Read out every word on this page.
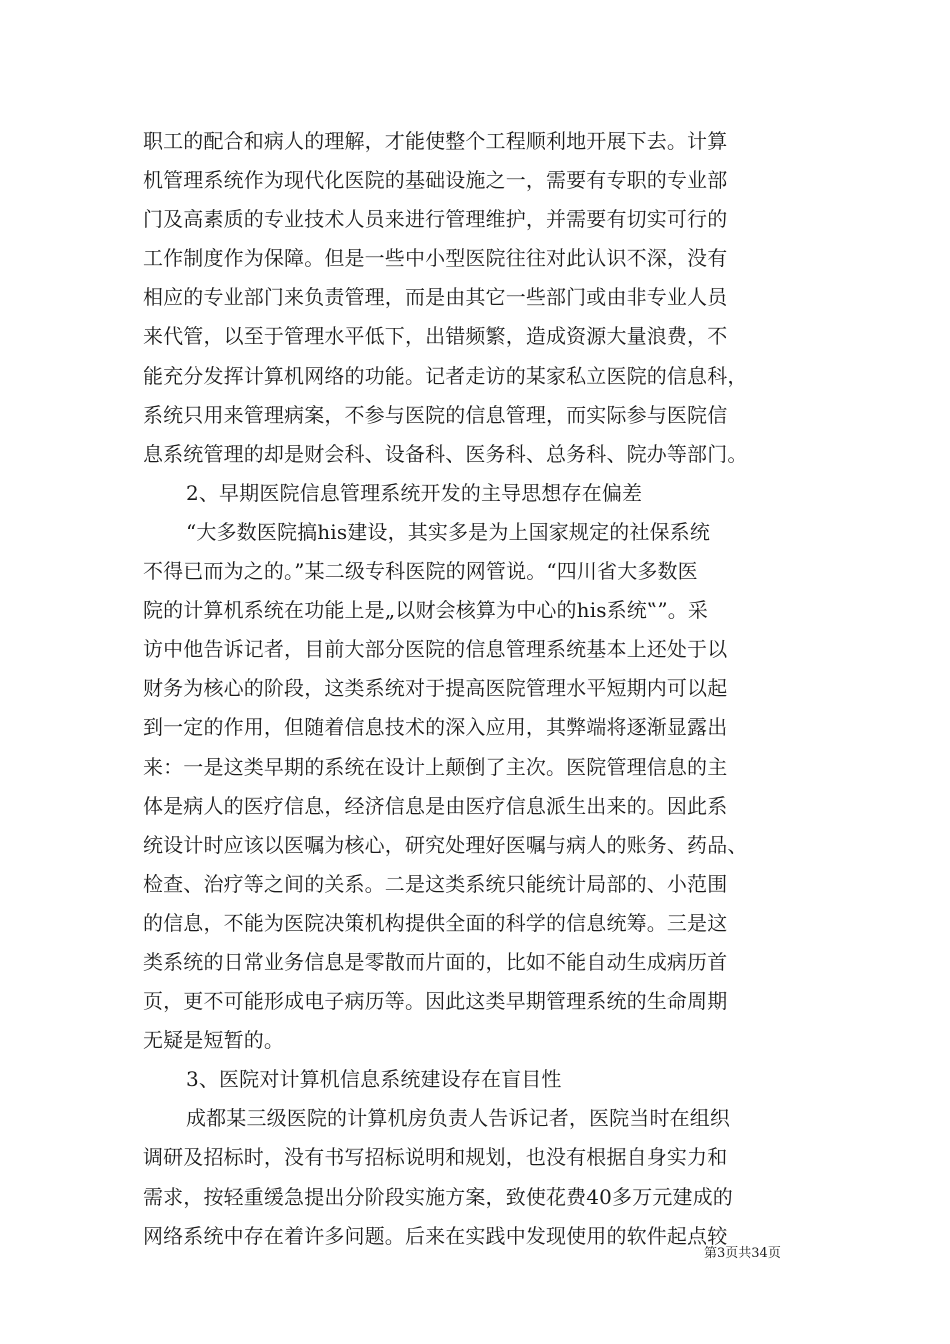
职工的配合和病人的理解，才能使整个工程顺利地开展下去。计算
机管理系统作为现代化医院的基础设施之一，需要有专职的专业部
门及高素质的专业技术人员来进行管理维护，并需要有切实可行的
工作制度作为保障。但是一些中小型医院往往对此认识不深，没有
相应的专业部门来负责管理，而是由其它一些部门或由非专业人员
来代管，以至于管理水平低下，出错频繁，造成资源大量浪费，不
能充分发挥计算机网络的功能。记者走访的某家私立医院的信息科，
系统只用来管理病案，不参与医院的信息管理，而实际参与医院信
息系统管理的却是财会科、设备科、医务科、总务科、院办等部门。
2、早期医院信息管理系统开发的主导思想存在偏差
“大多数医院搞his建设，其实多是为上国家规定的社保系统
不得已而为之的。”某二级专科医院的网管说。“四川省大多数医
院的计算机系统在功能上是„以财会核算为中心的his系统‟”。采
访中他告诉记者，目前大部分医院的信息管理系统基本上还处于以
财务为核心的阶段，这类系统对于提高医院管理水平短期内可以起
到一定的作用，但随着信息技术的深入应用，其弊端将逐渐显露出
来：一是这类早期的系统在设计上颠倒了主次。医院管理信息的主
体是病人的医疗信息，经济信息是由医疗信息派生出来的。因此系
统设计时应该以医嘱为核心，研究处理好医嘱与病人的账务、药品、
检查、治疗等之间的关系。二是这类系统只能统计局部的、小范围
的信息，不能为医院决策机构提供全面的科学的信息统筹。三是这
类系统的日常业务信息是零散而片面的，比如不能自动生成病历首
页，更不可能形成电子病历等。因此这类早期管理系统的生命周期
无疑是短暂的。
3、医院对计算机信息系统建设存在盲目性
成都某三级医院的计算机房负责人告诉记者，医院当时在组织
调研及招标时，没有书写招标说明和规划，也没有根据自身实力和
需求，按轻重缓急提出分阶段实施方案，致使花费40多万元建成的
网络系统中存在着许多问题。后来在实践中发现使用的软件起点较
第3页共34页
